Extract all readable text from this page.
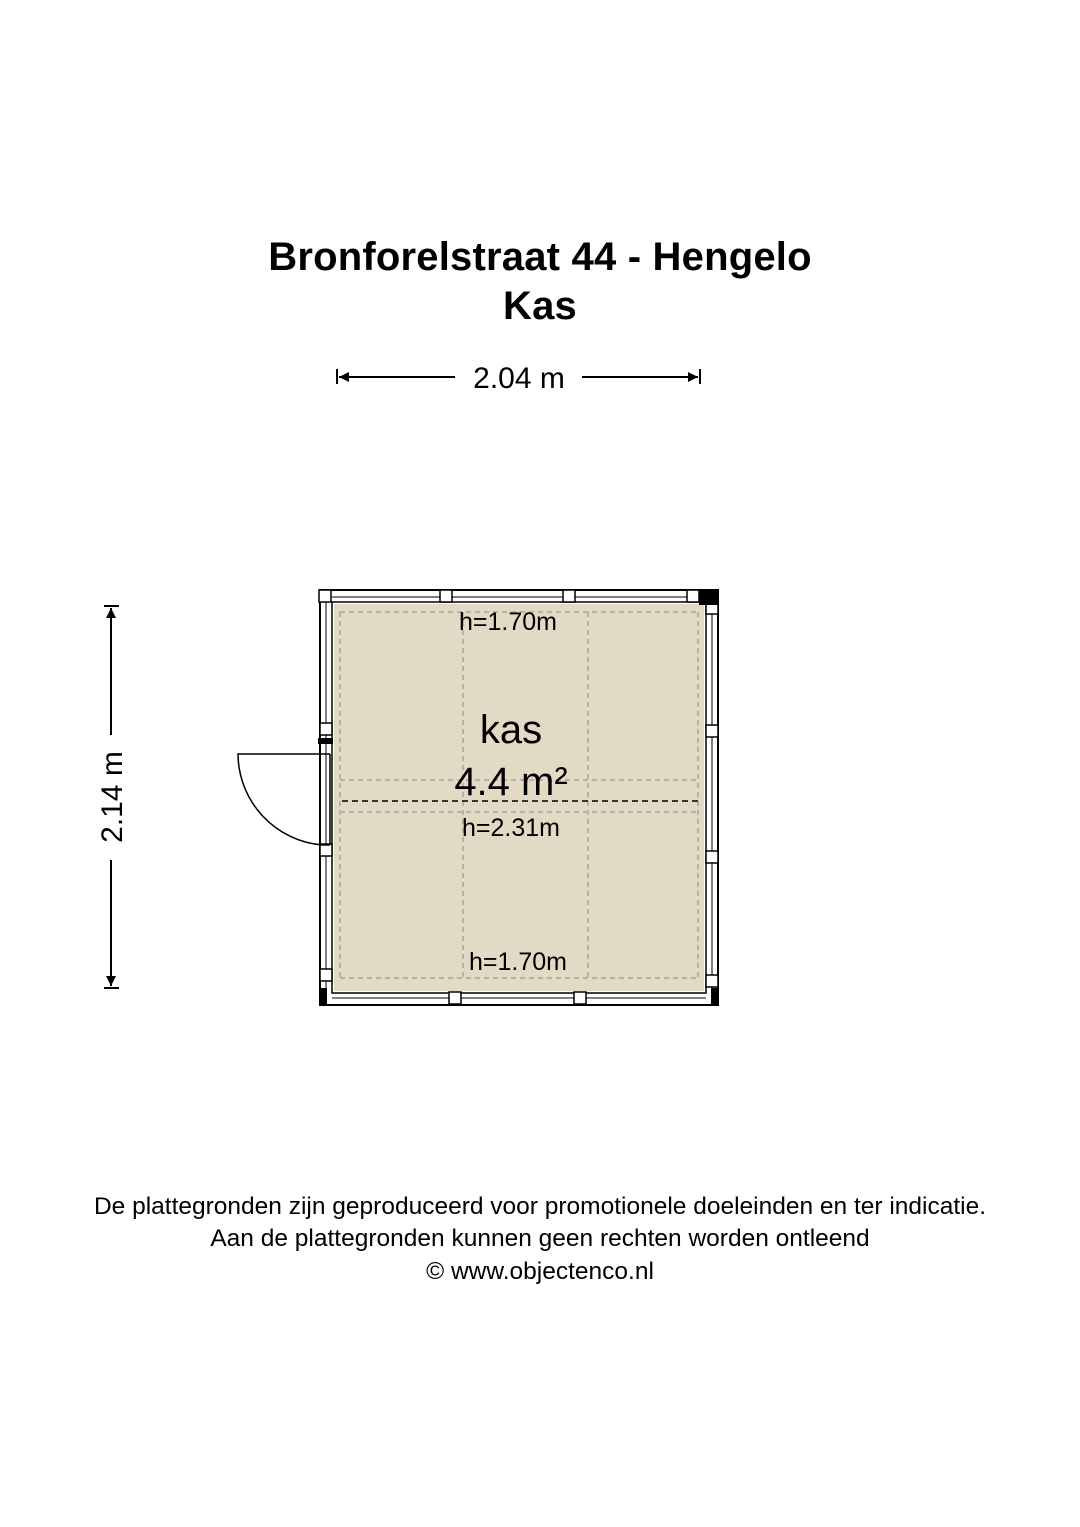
Bronforelstraat 44 - Hengelo
Kas
2.04 m
2.14 m
h=1.70m
kas
4.4 m²
h=2.31m
h=1.70m
De plattegronden zijn geproduceerd voor promotionele doeleinden en ter indicatie.
Aan de plattegronden kunnen geen rechten worden ontleend
© www.objectenco.nl
